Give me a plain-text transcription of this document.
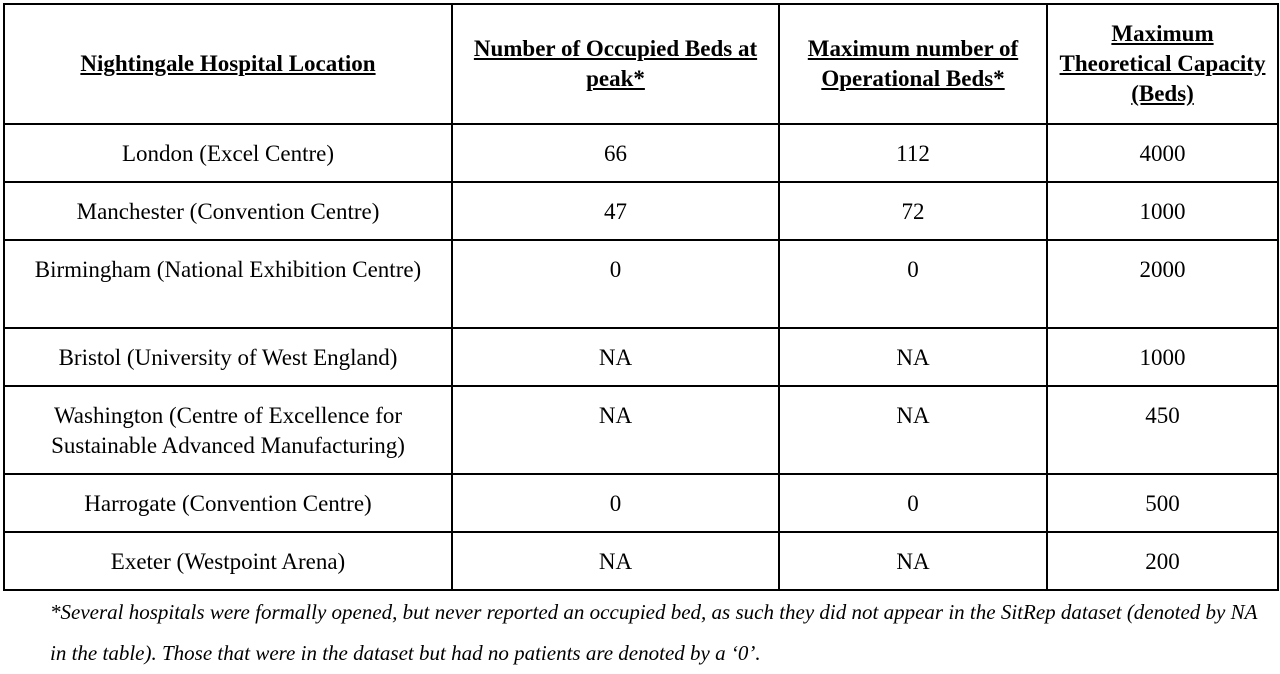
Nightingale Hospital Location	Number of Occupied Beds at peak*	Maximum number of Operational Beds*	Maximum Theoretical Capacity (Beds)
London (Excel Centre)	66	112	4000
Manchester (Convention Centre)	47	72	1000
Birmingham (National Exhibition Centre)	0	0	2000
Bristol (University of West England)	NA	NA	1000
Washington (Centre of Excellence for Sustainable Advanced Manufacturing)	NA	NA	450
Harrogate (Convention Centre)	0	0	500
Exeter (Westpoint Arena)	NA	NA	200

*Several hospitals were formally opened, but never reported an occupied bed, as such they did not appear in the SitRep dataset (denoted by NA in the table). Those that were in the dataset but had no patients are denoted by a ‘0’.
